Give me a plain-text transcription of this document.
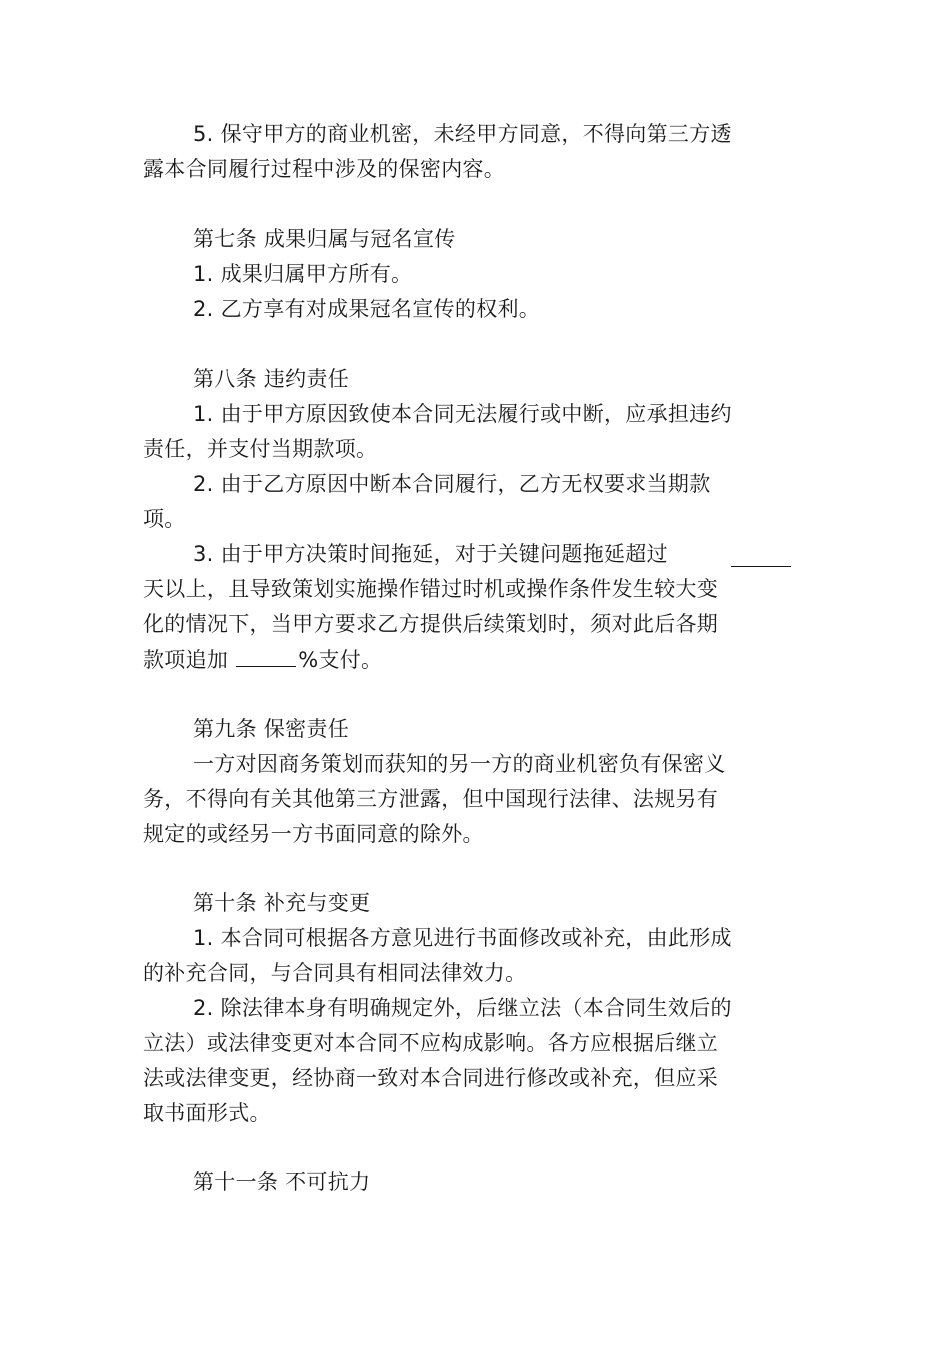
5. 保守甲方的商业机密，未经甲方同意，不得向第三方透
露本合同履行过程中涉及的保密内容。
第七条 成果归属与冠名宣传
1. 成果归属甲方所有。
2. 乙方享有对成果冠名宣传的权利。
第八条 违约责任
1. 由于甲方原因致使本合同无法履行或中断，应承担违约
责任，并支付当期款项。
2. 由于乙方原因中断本合同履行，乙方无权要求当期款
项。
3. 由于甲方决策时间拖延，对于关键问题拖延超过
天以上，且导致策划实施操作错过时机或操作条件发生较大变
化的情况下，当甲方要求乙方提供后续策划时，须对此后各期
款项追加	%支付。
第九条 保密责任
一方对因商务策划而获知的另一方的商业机密负有保密义
务，不得向有关其他第三方泄露，但中国现行法律、法规另有
规定的或经另一方书面同意的除外。
第十条 补充与变更
1. 本合同可根据各方意见进行书面修改或补充，由此形成
的补充合同，与合同具有相同法律效力。
2. 除法律本身有明确规定外，后继立法（本合同生效后的
立法）或法律变更对本合同不应构成影响。各方应根据后继立
法或法律变更，经协商一致对本合同进行修改或补充，但应采
取书面形式。
第十一条 不可抗力
